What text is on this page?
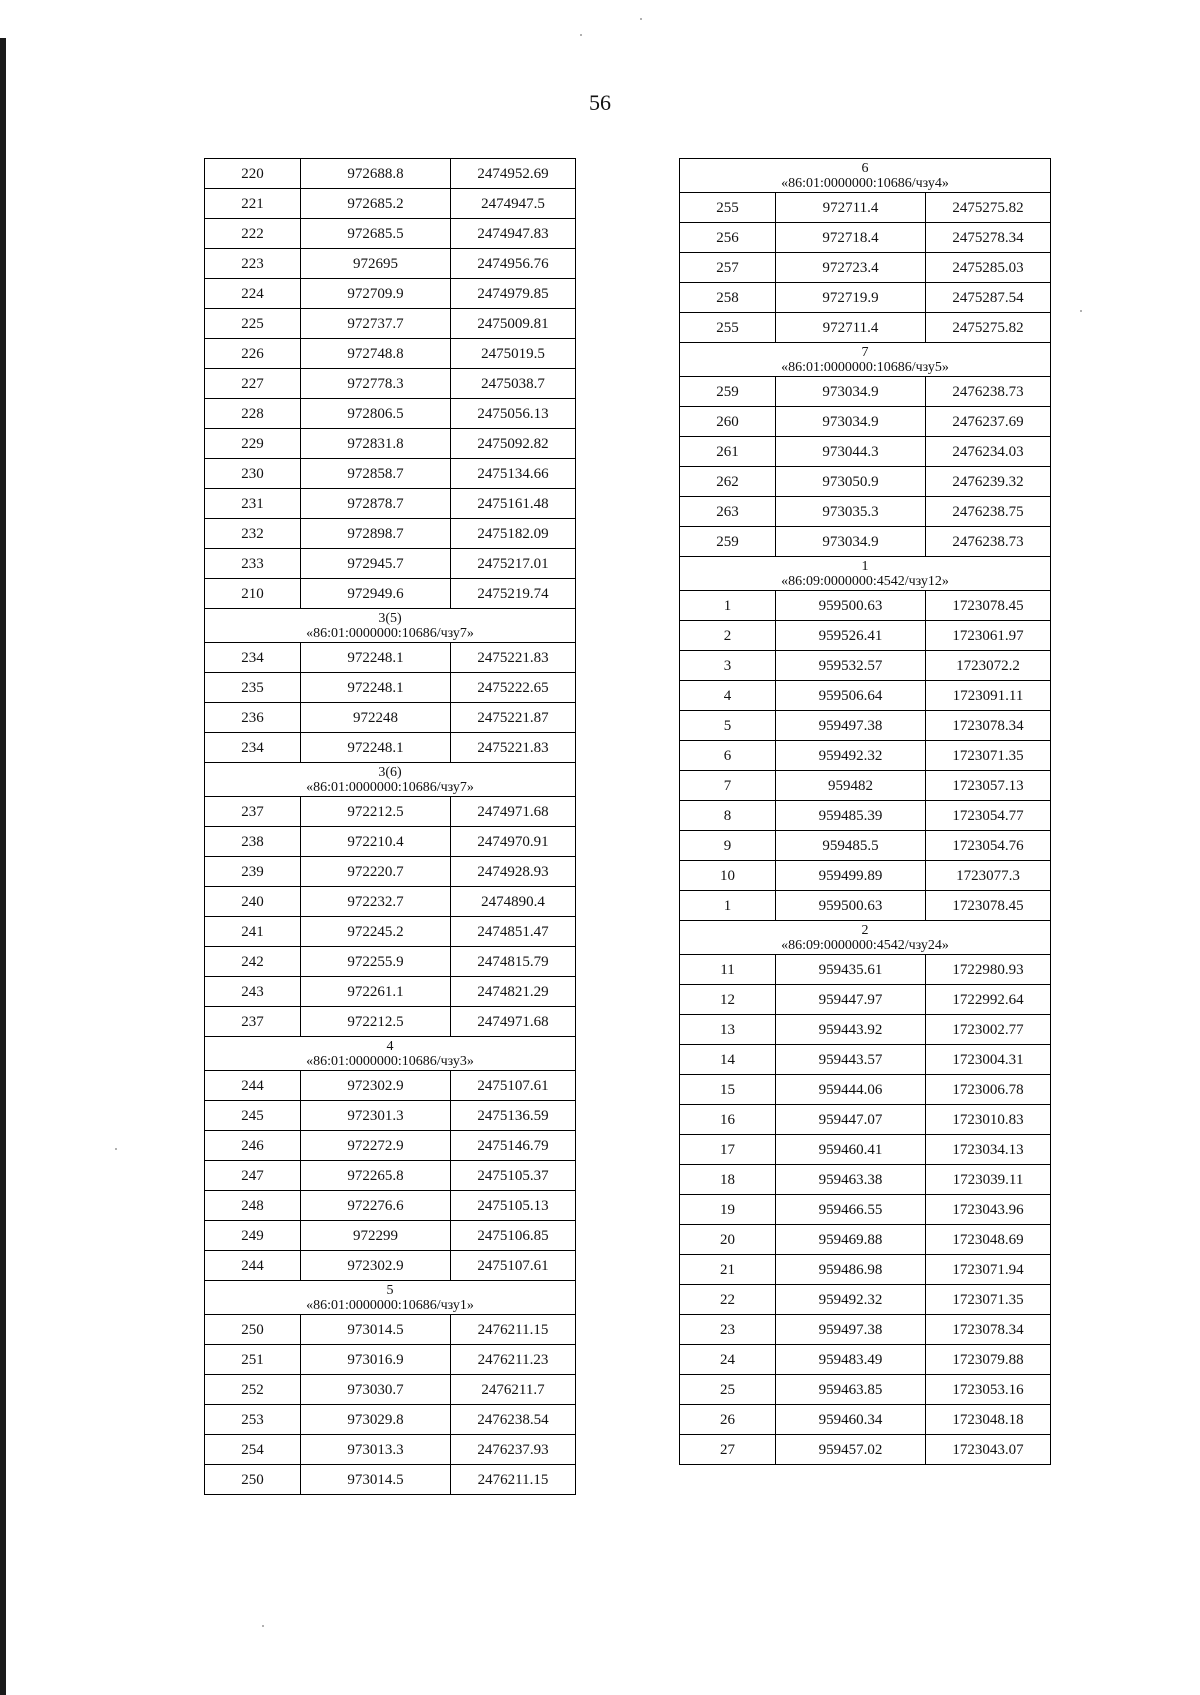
56
220	972688.8	2474952.69
221	972685.2	2474947.5
222	972685.5	2474947.83
223	972695	2474956.76
224	972709.9	2474979.85
225	972737.7	2475009.81
226	972748.8	2475019.5
227	972778.3	2475038.7
228	972806.5	2475056.13
229	972831.8	2475092.82
230	972858.7	2475134.66
231	972878.7	2475161.48
232	972898.7	2475182.09
233	972945.7	2475217.01
210	972949.6	2475219.74

3(5)
«86:01:0000000:10686/чзу7»		

234	972248.1	2475221.83
235	972248.1	2475222.65
236	972248	2475221.87
234	972248.1	2475221.83

3(6)
«86:01:0000000:10686/чзу7»		

237	972212.5	2474971.68
238	972210.4	2474970.91
239	972220.7	2474928.93
240	972232.7	2474890.4
241	972245.2	2474851.47
242	972255.9	2474815.79
243	972261.1	2474821.29
237	972212.5	2474971.68

4
«86:01:0000000:10686/чзу3»		

244	972302.9	2475107.61
245	972301.3	2475136.59
246	972272.9	2475146.79
247	972265.8	2475105.37
248	972276.6	2475105.13
249	972299	2475106.85
244	972302.9	2475107.61

5
«86:01:0000000:10686/чзу1»		

250	973014.5	2476211.15
251	973016.9	2476211.23
252	973030.7	2476211.7
253	973029.8	2476238.54
254	973013.3	2476237.93
250	973014.5	2476211.15
6
«86:01:0000000:10686/чзу4»		

255	972711.4	2475275.82
256	972718.4	2475278.34
257	972723.4	2475285.03
258	972719.9	2475287.54
255	972711.4	2475275.82

7
«86:01:0000000:10686/чзу5»		

259	973034.9	2476238.73
260	973034.9	2476237.69
261	973044.3	2476234.03
262	973050.9	2476239.32
263	973035.3	2476238.75
259	973034.9	2476238.73

1
«86:09:0000000:4542/чзу12»		

1	959500.63	1723078.45
2	959526.41	1723061.97
3	959532.57	1723072.2
4	959506.64	1723091.11
5	959497.38	1723078.34
6	959492.32	1723071.35
7	959482	1723057.13
8	959485.39	1723054.77
9	959485.5	1723054.76
10	959499.89	1723077.3
1	959500.63	1723078.45

2
«86:09:0000000:4542/чзу24»		

11	959435.61	1722980.93
12	959447.97	1722992.64
13	959443.92	1723002.77
14	959443.57	1723004.31
15	959444.06	1723006.78
16	959447.07	1723010.83
17	959460.41	1723034.13
18	959463.38	1723039.11
19	959466.55	1723043.96
20	959469.88	1723048.69
21	959486.98	1723071.94
22	959492.32	1723071.35
23	959497.38	1723078.34
24	959483.49	1723079.88
25	959463.85	1723053.16
26	959460.34	1723048.18
27	959457.02	1723043.07
